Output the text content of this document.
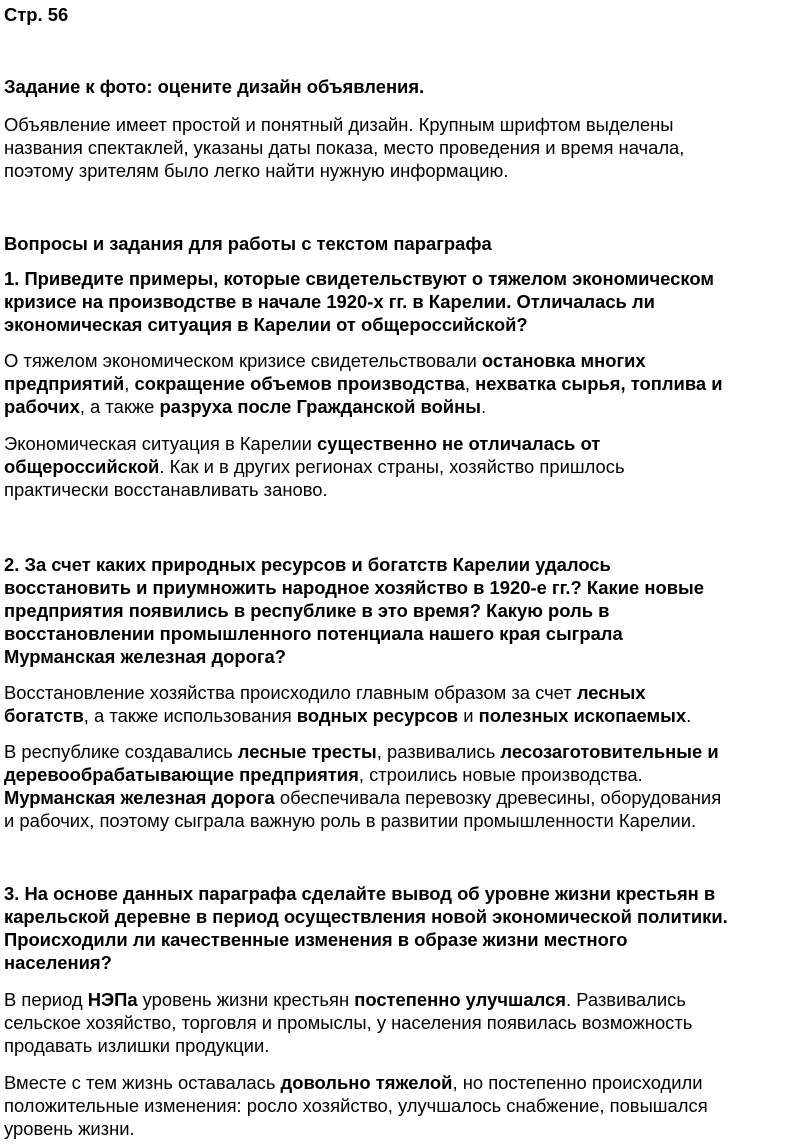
Стр. 56
Задание к фото: оцените дизайн объявления.
Объявление имеет простой и понятный дизайн. Крупным шрифтом выделены
названия спектаклей, указаны даты показа, место проведения и время начала,
поэтому зрителям было легко найти нужную информацию.
Вопросы и задания для работы с текстом параграфа
1. Приведите примеры, которые свидетельствуют о тяжелом экономическом
кризисе на производстве в начале 1920-х гг. в Карелии. Отличалась ли
экономическая ситуация в Карелии от общероссийской?
О тяжелом экономическом кризисе свидетельствовали остановка многих
предприятий, сокращение объемов производства, нехватка сырья, топлива и
рабочих, а также разруха после Гражданской войны.
Экономическая ситуация в Карелии существенно не отличалась от
общероссийской. Как и в других регионах страны, хозяйство пришлось
практически восстанавливать заново.
2. За счет каких природных ресурсов и богатств Карелии удалось
восстановить и приумножить народное хозяйство в 1920-е гг.? Какие новые
предприятия появились в республике в это время? Какую роль в
восстановлении промышленного потенциала нашего края сыграла
Мурманская железная дорога?
Восстановление хозяйства происходило главным образом за счет лесных
богатств, а также использования водных ресурсов и полезных ископаемых.
В республике создавались лесные тресты, развивались лесозаготовительные и
деревообрабатывающие предприятия, строились новые производства.
Мурманская железная дорога обеспечивала перевозку древесины, оборудования
и рабочих, поэтому сыграла важную роль в развитии промышленности Карелии.
3. На основе данных параграфа сделайте вывод об уровне жизни крестьян в
карельской деревне в период осуществления новой экономической политики.
Происходили ли качественные изменения в образе жизни местного
населения?
В период НЭПа уровень жизни крестьян постепенно улучшался. Развивались
сельское хозяйство, торговля и промыслы, у населения появилась возможность
продавать излишки продукции.
Вместе с тем жизнь оставалась довольно тяжелой, но постепенно происходили
положительные изменения: росло хозяйство, улучшалось снабжение, повышался
уровень жизни.
